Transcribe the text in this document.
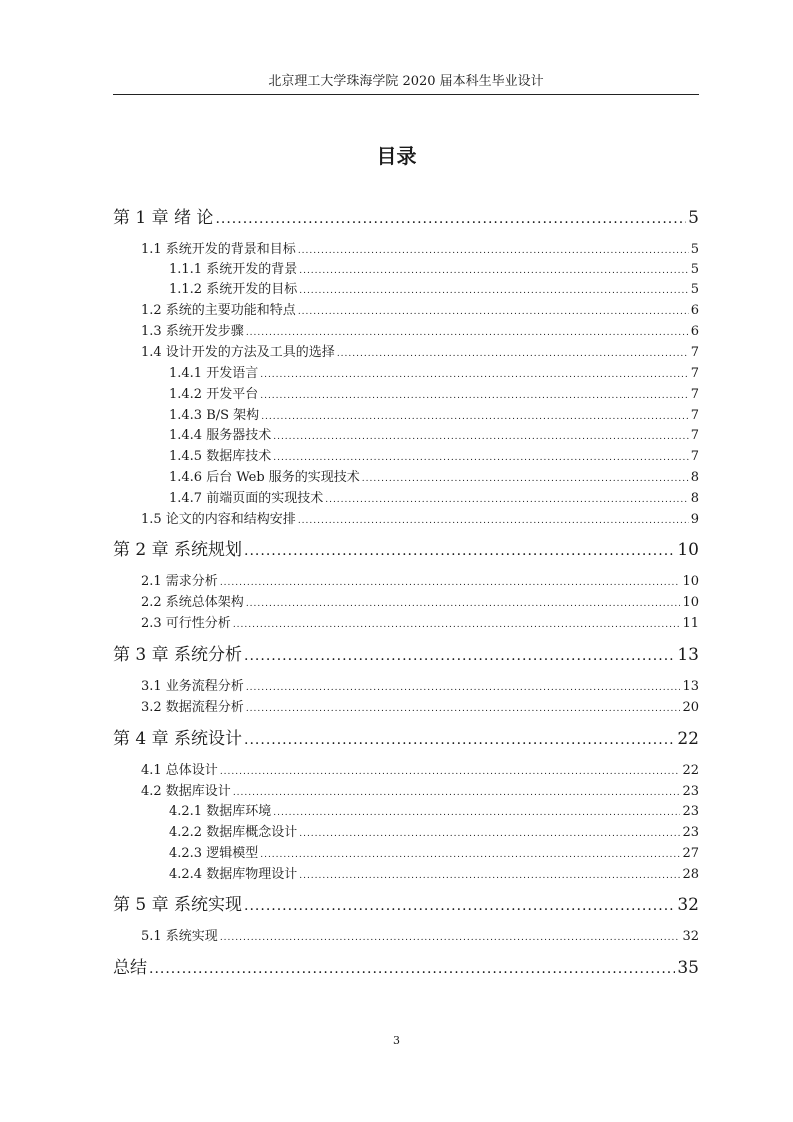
北京理工大学珠海学院 2020 届本科生毕业设计
目录
第 1 章 绪 论 .....	5
1.1 系统开发的背景和目标 .....	5
1.1.1 系统开发的背景 .....	5
1.1.2 系统开发的目标 .....	5
1.2 系统的主要功能和特点 .....	6
1.3 系统开发步骤 .....	6
1.4 设计开发的方法及工具的选择 .....	7
1.4.1 开发语言 .....	7
1.4.2 开发平台 .....	7
1.4.3 B/S 架构 .....	7
1.4.4 服务器技术 .....	7
1.4.5 数据库技术 .....	7
1.4.6 后台 Web 服务的实现技术 .....	8
1.4.7 前端页面的实现技术 .....	8
1.5 论文的内容和结构安排 .....	9
第 2 章 系统规划 .....	10
2.1 需求分析 .....	10
2.2 系统总体架构 .....	10
2.3 可行性分析 .....	11
第 3 章 系统分析 .....	13
3.1 业务流程分析 .....	13
3.2 数据流程分析 .....	20
第 4 章 系统设计 .....	22
4.1 总体设计 .....	22
4.2 数据库设计 .....	23
4.2.1 数据库环境 .....	23
4.2.2 数据库概念设计 .....	23
4.2.3 逻辑模型 .....	27
4.2.4 数据库物理设计 .....	28
第 5 章 系统实现 .....	32
5.1 系统实现 .....	32
总结 .....	35
3
